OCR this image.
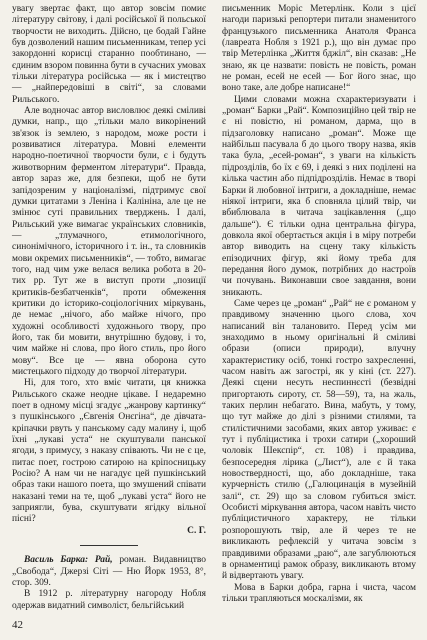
увагу звертає факт, що автор зовсім помиє літературу світову, і далі російської й польської творчости не виходить. Дійсно, це бодай Гайне був дозволений нашим письменникам, тепер усі закордонні корисці старанно пообтинано, — єдиним взором повинна бути в сучасних умовах тільки література російська — як і мистецтво — „найпередовіші в світі“, за словами Рильського.

Але водночас автор висловлює деякі сміливі думки, напр., що „тільки мало викорінений зв'язок із землею, з народом, може рости і розвиватися література. Мовні елементи народно-поетичної творчости були, є і будуть животворним ферментом літератури“. Правда, автор зараз же, для безпеки, щоб не бути запідозреним у націоналізмі, підтримує свої думки цитатами з Леніна і Калініна, але це не змінює суті правильних тверджень. І далі, Рильський уже вимагає українських словників, — „тлумачного, етимологічного, синонімічного, історичного і т. ін., та словників мови окремих письменників“, — тобто, вимагає того, над чим уже велася велика робота в 20-тих рр. Тут же в виступ проти „позиції критиків-безбатченків“, проти обмеження критики до історико-соціологічних міркувань, де немає „нічого, або майже нічого, про художні особливості художнього твору, про його, так би мовити, внутрішню будову, і то, чим майже ні слова, про його стиль, про його мову“. Все це — явна оборона суто мистецького підходу до творчої літератури.

Ні, для того, хто вміє читати, ця книжка Рильського скаже неодне цікаве. І недаремно поет в одному місці згадує „жанрову картинку“ з пушкінського „Євгенія Онєгіна“, де дівчата-кріпачки рвуть у панському саду малину і, щоб їхні „лукаві уста“ не скуштували панської ягоди, з примусу, з наказу співають. Чи не є це, питає поет, гострою сатирою на кріпосницьку Росію? А нам чи не нагадує цей пушкінський образ таки нашого поета, що змушений співати наказані теми на те, щоб „лукаві уста“ його не заприягли, бува, скуштувати ягідку вільної пісні?

С. Г.

Василь Барка: Рай, роман. Видавництво „Свобода“, Джерзі Сіті — Ню Йорк 1953, 8°, стор. 309.

В 1912 р. літературну нагороду Нобля одержав видатний символіст, бельгійський

письменник Моріс Метерлінк. Коли з цієї нагоди паризькі репортери питали знаменитого французького письменника Анатоля Франса (лавреата Нобля з 1921 р.), що він думає про твір Метерлінка „Життя бджіл“, він сказав: „Не знаю, як це назвати: повість не повість, роман не роман, есей не есей — Бог його знає, що воно таке, але добре написане!“

Цими словами можна схарактеризувати і „роман“ Барки „Рай“. Композиційно цей твір не є ні повістю, ні романом, дарма, що в підзаголовку написано „роман“. Може ще найбільш пасувала б до цього твору назва, яків така була, „есей-роман“, з уваги на кількість підрозділів, бо їх є 69, і деякі з них поділені на кілька частин або підпідрозділів. Немає в творі Барки й любовної інтриги, а докладніше, немає ніякої інтриги, яка б сповняла цілий твір, чи вбиблювала в читача зацікавлення („що дальше“). Є тільки одна центральна фігура, довкола якої обертається акція і в міру потреби автор виводить на сцену таку кількість епізодичних фігур, які йому треба для передання його думок, потрібних до настроїв чи почувань. Виконавши свое завдання, вони зникають.

Саме через це „роман“ „Рай“ не є романом у правдивому значенню цього слова, хоч написаний він талановито. Перед усім ми знаходимо в ньому оригінальні й сміливі образи (описи природи), влучну характеристику осіб, тонкі гостро захресленні, часом навіть аж загострі, як у кіні (ст. 227). Деякі сцени несуть неспиннєсті (безвідні пригортають сироту, ст. 58—59), та, на жаль, таких перлин небагато. Вина, мабуть, у тому, що тут майже до ділі з різними стилями, та стилістичними засобами, яких автор уживає: є тут і публіцистика і трохи сатири („хороший чоловік Шекспір“, ст. 108) і правдива, безпосередня лірика („Лист“), але є й така новоствердності, що, або докладніше, така курчерність стилю („Галюцинація в музейній залі“, ст. 29) що за словом губиться зміст. Особисті міркування автора, часом навіть чисто публіцистичного характеру, не тільки розпорошують твір, але й через те не викликають рефлексій у читача зовсім з правдивими образами „раю“, але загублюються в орнаментиці рамок образу, викликають втому й відвертають увагу.

Мова в Барки добра, гарна і чиста, часом тільки трапляються москалізми, як

42
